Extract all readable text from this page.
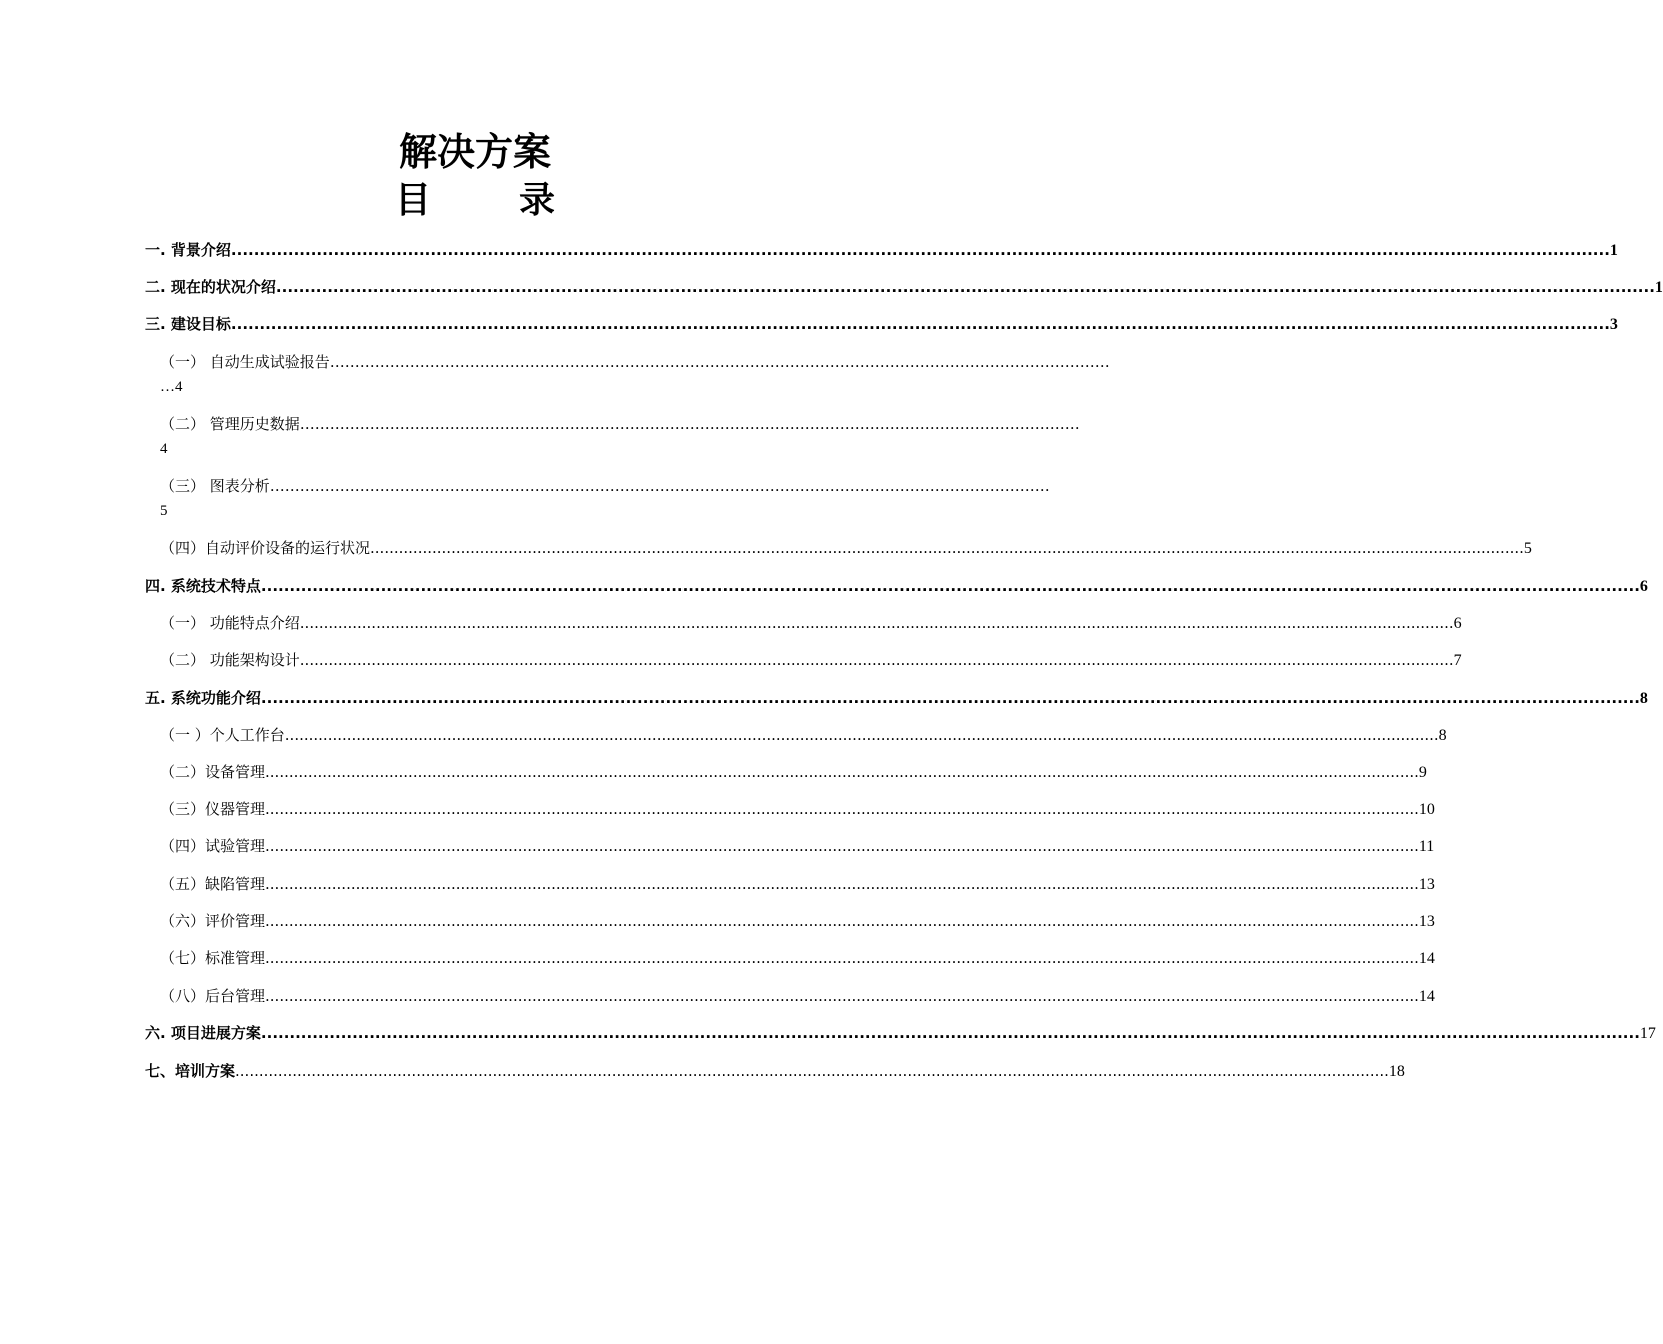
解决方案
目　录
一. 背景介绍 .................................................................................................................................................................................................................................................. 1
二. 现在的状况介绍 .................................................................................................................................................................................................................................................. 1
三. 建设目标 .................................................................................................................................................................................................................................................. 3
（一） 自动生成试验报告 …………………………………………………………………………………………………………………………………………
…4
（二） 管理历史数据 …………………………………………………………………………………………………………………………………………
4
（三） 图表分析 …………………………………………………………………………………………………………………………………………
5
（四）自动评价设备的运行状况 .................................................................................................................................................................................................................................................. 5
四. 系统技术特点 .................................................................................................................................................................................................................................................. 6
（一） 功能特点介绍 .................................................................................................................................................................................................................................................. 6
（二） 功能架构设计 .................................................................................................................................................................................................................................................. 7
五. 系统功能介绍 .................................................................................................................................................................................................................................................. 8
（一 ）个人工作台 .................................................................................................................................................................................................................................................. 8
（二）设备管理 .................................................................................................................................................................................................................................................. 9
（三）仪器管理 .................................................................................................................................................................................................................................................. 10
（四）试验管理 .................................................................................................................................................................................................................................................. 11
（五）缺陷管理 .................................................................................................................................................................................................................................................. 13
（六）评价管理 .................................................................................................................................................................................................................................................. 13
（七）标准管理 .................................................................................................................................................................................................................................................. 14
（八）后台管理 .................................................................................................................................................................................................................................................. 14
六. 项目进展方案 .................................................................................................................................................................................................................................................. 17
七、培训方案 .................................................................................................................................................................................................................................................. 18
